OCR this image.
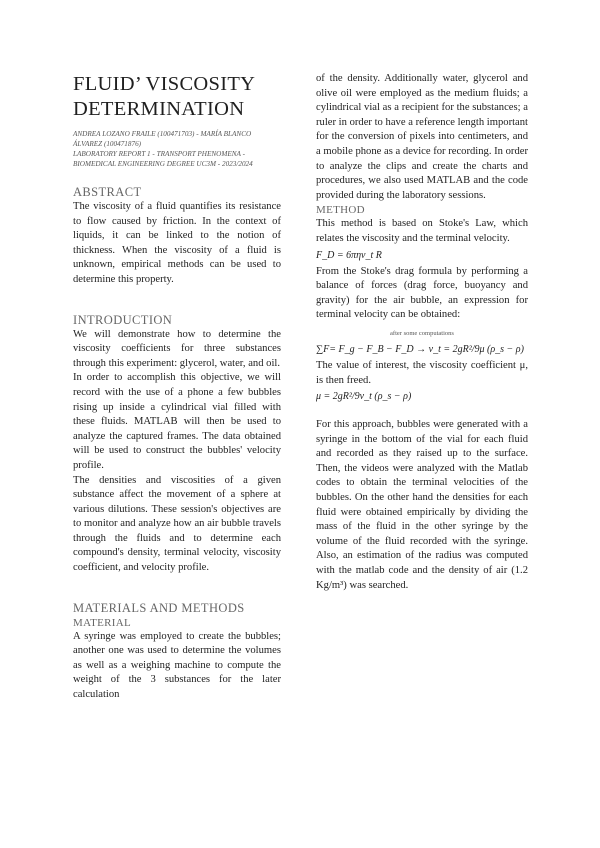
FLUID’ VISCOSITY DETERMINATION
ANDREA LOZANO FRAILE (100471703) - MARÍA BLANCO ÁLVAREZ (100471876)
LABORATORY REPORT 1 - TRANSPORT PHENOMENA - BIOMEDICAL ENGINEERING DEGREE UC3M - 2023/2024
ABSTRACT

The viscosity of a fluid quantifies its resistance to flow caused by friction. In the context of liquids, it can be linked to the notion of thickness. When the viscosity of a fluid is unknown, empirical methods can be used to determine this property.

INTRODUCTION

We will demonstrate how to determine the viscosity coefficients for three substances through this experiment: glycerol, water, and oil.

In order to accomplish this objective, we will record with the use of a phone a few bubbles rising up inside a cylindrical vial filled with these fluids. MATLAB will then be used to analyze the captured frames. The data obtained will be used to construct the bubbles' velocity profile.

The densities and viscosities of a given substance affect the movement of a sphere at various dilutions. These session's objectives are to monitor and analyze how an air bubble travels through the fluids and to determine each compound's density, terminal velocity, viscosity coefficient, and velocity profile.

MATERIALS AND METHODS
MATERIAL

A syringe was employed to create the bubbles; another one was used to determine the volumes as well as a weighing machine to compute the weight of the 3 substances for the later calculation

of the density. Additionally water, glycerol and olive oil were employed as the medium fluids; a cylindrical vial as a recipient for the substances; a ruler in order to have a reference length important for the conversion of pixels into centimeters, and a mobile phone as a device for recording. In order to analyze the clips and create the charts and procedures, we also used MATLAB and the code provided during the laboratory sessions.

METHOD

This method is based on Stoke's Law, which relates the viscosity and the terminal velocity.

F_D = 6πηv_t R

From the Stoke's drag formula by performing a balance of forces (drag force, buoyancy and gravity) for the air bubble, an expression for terminal velocity can be obtained:

after some computations
∑F= F_g − F_B − F_D → v_t = 2gR²/9μ (ρ_s − ρ)

The value of interest, the viscosity coefficient μ, is then freed.

μ = 2gR²/9v_t (ρ_s − ρ)

For this approach, bubbles were generated with a syringe in the bottom of the vial for each fluid and recorded as they raised up to the surface. Then, the videos were analyzed with the Matlab codes to obtain the terminal velocities of the bubbles. On the other hand the densities for each fluid were obtained empirically by dividing the mass of the fluid in the other syringe by the volume of the fluid recorded with the syringe. Also, an estimation of the radius was computed with the matlab code and the density of air (1.2 Kg/m³) was searched.
